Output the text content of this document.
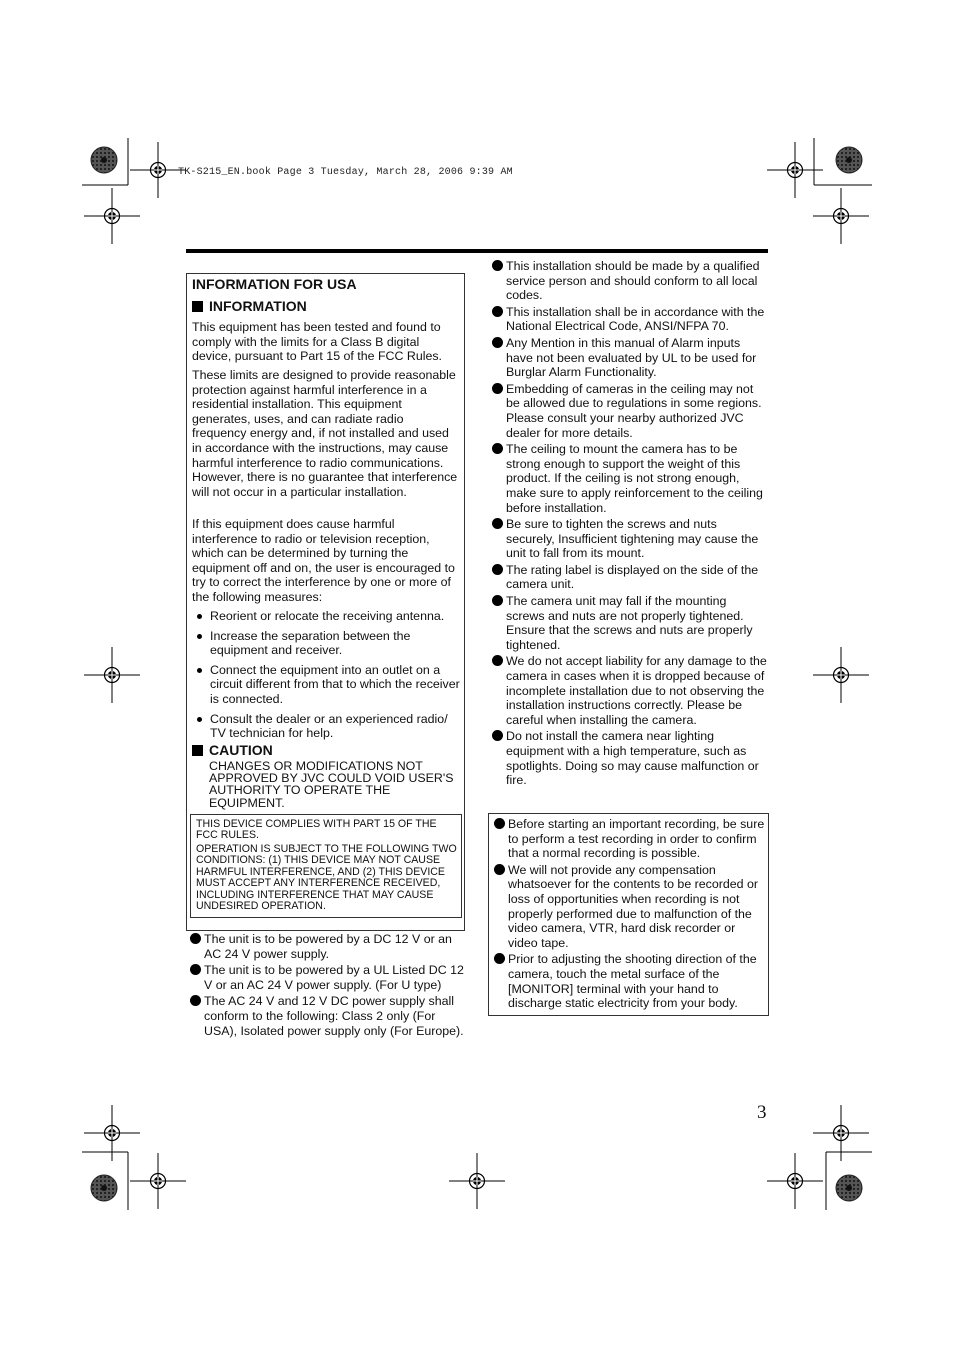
TK-S215_EN.book Page 3 Tuesday, March 28, 2006 9:39 AM
INFORMATION FOR USA
INFORMATION

This equipment has been tested and found to comply with the limits for a Class B digital device, pursuant to Part 15 of the FCC Rules.

These limits are designed to provide reasonable protection against harmful interference in a residential installation. This equipment generates, uses, and can radiate radio frequency energy and, if not installed and used in accordance with the instructions, may cause harmful interference to radio communications. However, there is no guarantee that interference will not occur in a particular installation.

If this equipment does cause harmful interference to radio or television reception, which can be determined by turning the equipment off and on, the user is encouraged to try to correct the interference by one or more of the following measures:

Reorient or relocate the receiving antenna.
Increase the separation between the equipment and receiver.
Connect the equipment into an outlet on a circuit different from that to which the receiver is connected.
Consult the dealer or an experienced radio/ TV technician for help.
CAUTION
CHANGES OR MODIFICATIONS NOT APPROVED BY JVC COULD VOID USER'S AUTHORITY TO OPERATE THE EQUIPMENT.
THIS DEVICE COMPLIES WITH PART 15 OF THE FCC RULES.
OPERATION IS SUBJECT TO THE FOLLOWING TWO CONDITIONS: (1) THIS DEVICE MAY NOT CAUSE HARMFUL INTERFERENCE, AND (2) THIS DEVICE MUST ACCEPT ANY INTERFERENCE RECEIVED, INCLUDING INTERFERENCE THAT MAY CAUSE UNDESIRED OPERATION.
The unit is to be powered by a DC 12 V or an AC 24 V power supply.
The unit is to be powered by a UL Listed DC 12 V or an AC 24 V power supply. (For U type)
The AC 24 V and 12 V DC power supply shall conform to the following: Class 2 only (For USA), Isolated power supply only (For Europe).
This installation should be made by a qualified service person and should conform to all local codes.
This installation shall be in accordance with the National Electrical Code, ANSI/NFPA 70.
Any Mention in this manual of Alarm inputs have not been evaluated by UL to be used for Burglar Alarm Functionality.
Embedding of cameras in the ceiling may not be allowed due to regulations in some regions. Please consult your nearby authorized JVC dealer for more details.
The ceiling to mount the camera has to be strong enough to support the weight of this product. If the ceiling is not strong enough, make sure to apply reinforcement to the ceiling before installation.
Be sure to tighten the screws and nuts securely, Insufficient tightening may cause the unit to fall from its mount.
The rating label is displayed on the side of the camera unit.
The camera unit may fall if the mounting screws and nuts are not properly tightened. Ensure that the screws and nuts are properly tightened.
We do not accept liability for any damage to the camera in cases when it is dropped because of incomplete installation due to not observing the installation instructions correctly. Please be careful when installing the camera.
Do not install the camera near lighting equipment with a high temperature, such as spotlights. Doing so may cause malfunction or fire.
Before starting an important recording, be sure to perform a test recording in order to confirm that a normal recording is possible.
We will not provide any compensation whatsoever for the contents to be recorded or loss of opportunities when recording is not properly performed due to malfunction of the video camera, VTR, hard disk recorder or video tape.
Prior to adjusting the shooting direction of the camera, touch the metal surface of the [MONITOR] terminal with your hand to discharge static electricity from your body.
3
